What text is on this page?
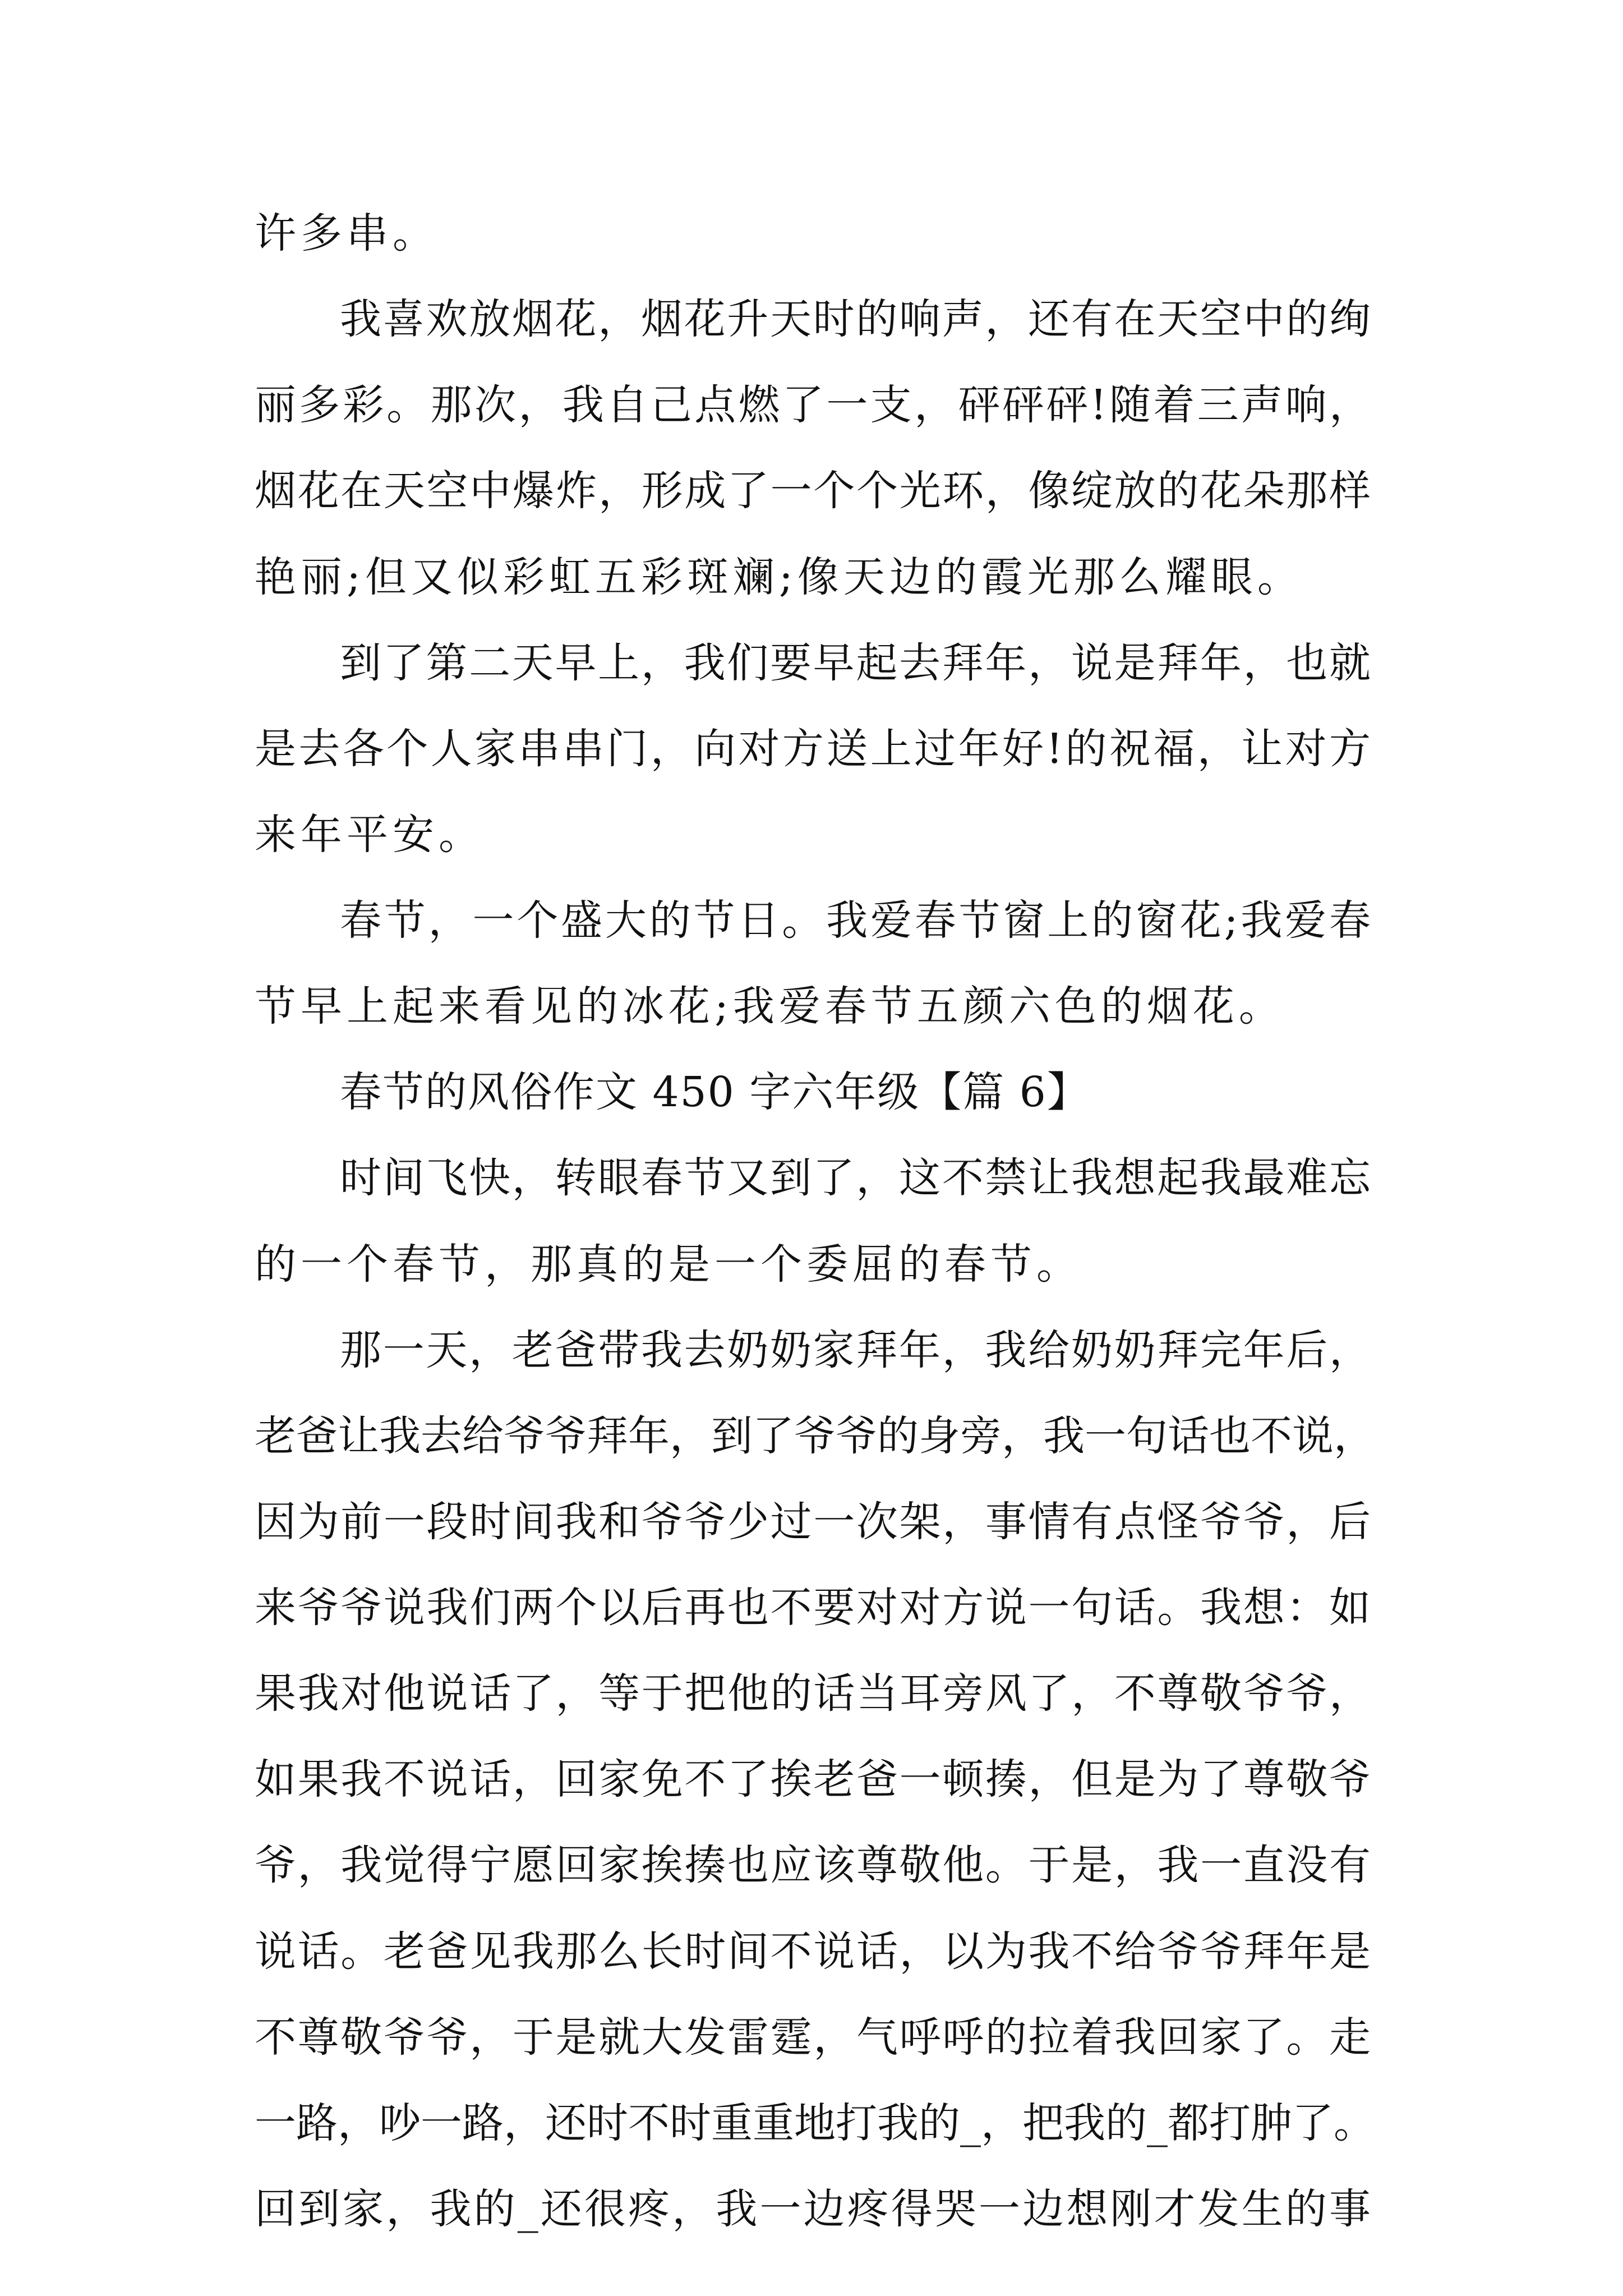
许多串。

我喜欢放烟花，烟花升天时的响声，还有在天空中的绚

丽多彩。那次，我自己点燃了一支，砰砰砰!随着三声响，

烟花在天空中爆炸，形成了一个个光环，像绽放的花朵那样

艳丽;但又似彩虹五彩斑斓;像天边的霞光那么耀眼。

到了第二天早上，我们要早起去拜年，说是拜年，也就

是去各个人家串串门，向对方送上过年好!的祝福，让对方

来年平安。

春节，一个盛大的节日。我爱春节窗上的窗花;我爱春

节早上起来看见的冰花;我爱春节五颜六色的烟花。

春节的风俗作文 450 字六年级【篇 6】

时间飞快，转眼春节又到了，这不禁让我想起我最难忘

的一个春节，那真的是一个委屈的春节。

那一天，老爸带我去奶奶家拜年，我给奶奶拜完年后，

老爸让我去给爷爷拜年，到了爷爷的身旁，我一句话也不说，

因为前一段时间我和爷爷少过一次架，事情有点怪爷爷，后

来爷爷说我们两个以后再也不要对对方说一句话。我想：如

果我对他说话了，等于把他的话当耳旁风了，不尊敬爷爷，

如果我不说话，回家免不了挨老爸一顿揍，但是为了尊敬爷

爷，我觉得宁愿回家挨揍也应该尊敬他。于是，我一直没有

说话。老爸见我那么长时间不说话，以为我不给爷爷拜年是

不尊敬爷爷，于是就大发雷霆，气呼呼的拉着我回家了。走

一路，吵一路，还时不时重重地打我的_，把我的_都打肿了。

回到家，我的_还很疼，我一边疼得哭一边想刚才发生的事
